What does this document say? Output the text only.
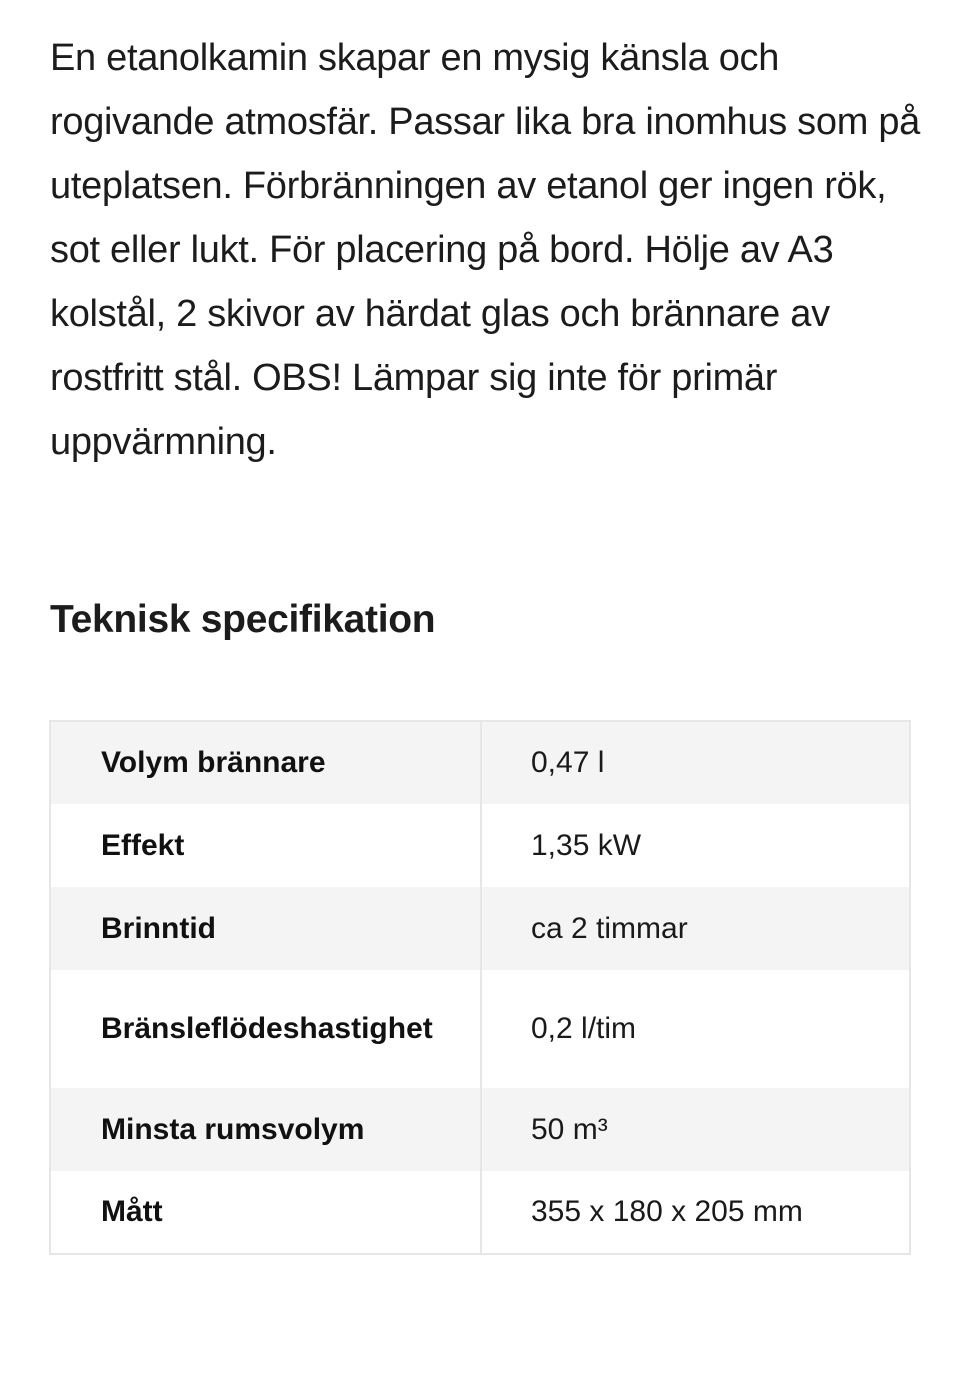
En etanolkamin skapar en mysig känsla och rogivande atmosfär. Passar lika bra inomhus som på uteplatsen. Förbränningen av etanol ger ingen rök, sot eller lukt. För placering på bord. Hölje av A3 kolstål, 2 skivor av härdat glas och brännare av rostfritt stål. OBS! Lämpar sig inte för primär uppvärmning.

Teknisk specifikation
Volym brännare	0,47 l
Effekt	1,35 kW
Brinntid	ca 2 timmar
Bränsleflödeshastighet	0,2 l/tim
Minsta rumsvolym	50 m³
Mått	355 x 180 x 205 mm
